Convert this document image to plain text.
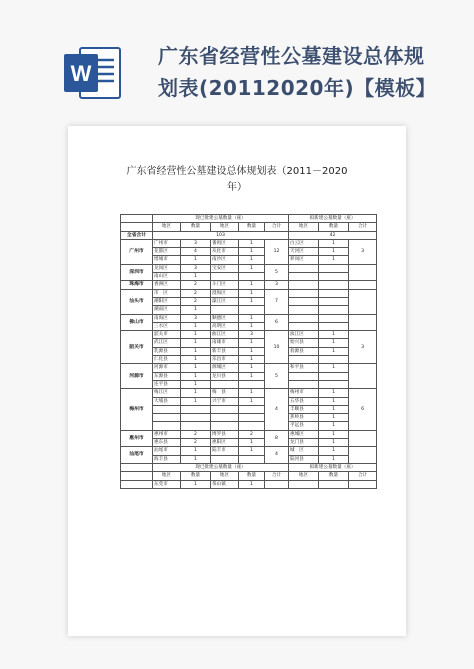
W
广东省经营性公墓建设总体规
划表(20112020年)【模板】
广东省经营性公墓建设总体规划表（2011－2020
年）
	现已批建公墓数量（座）					拟新建公墓数量（座）		
	地区	数量	地区	数量	合计	地区	数量	合计
全省合计	103					42		
广州市	广州市	3	番禺区	1	12	白云区	1	3
	花都区	4	从化市	1		天河区	1	
	增城市	1	南沙区	1		萝岗区	1	
深圳市	龙岗区	3	宝安区	1	5			
	南山区	1						
珠海市	香洲区	2	斗门区	1	3			
汕头市	市　区	2	澄海区	1	7			
	潮阳区	2	濠江区	1				
	潮南区	1						
佛山市	南海区	3	顺德区	1	6			
	三水区	1	高明区	1				
韶关市	韶关市	1	曲江区	3	10	浈江区	1	3
	武江区	1	南雄市	1		始兴县	1	
	乳源县	1	新丰县	1		翁源县	1	
	仁化县	1	乐昌市	1				
河源市	河源市	1	源城区	1	5	和平县	1	
	东源县	1	龙川县	1				
	连平县	1						
梅州市	梅江区	1	梅　县	1	4	梅州市	1	6
	大埔县	1	兴宁市	1		五华县	1	
						丰顺县	1	
						蕉岭县	1	
						平远县	1	
惠州市	惠州市	2	博罗县	2	8	惠城区	1	
	惠东县	2	惠阳区	1		龙门县	1	
汕尾市	汕尾市	1	陆丰市	1	4	城　区	1	
	海丰县	1				陆河县	1	
	现已批建公墓数量（座）					拟新建公墓数量（座）		
	地区	数量	地区	数量	合计	地区	数量	合计
	东莞市	1	茶山镇	1				
